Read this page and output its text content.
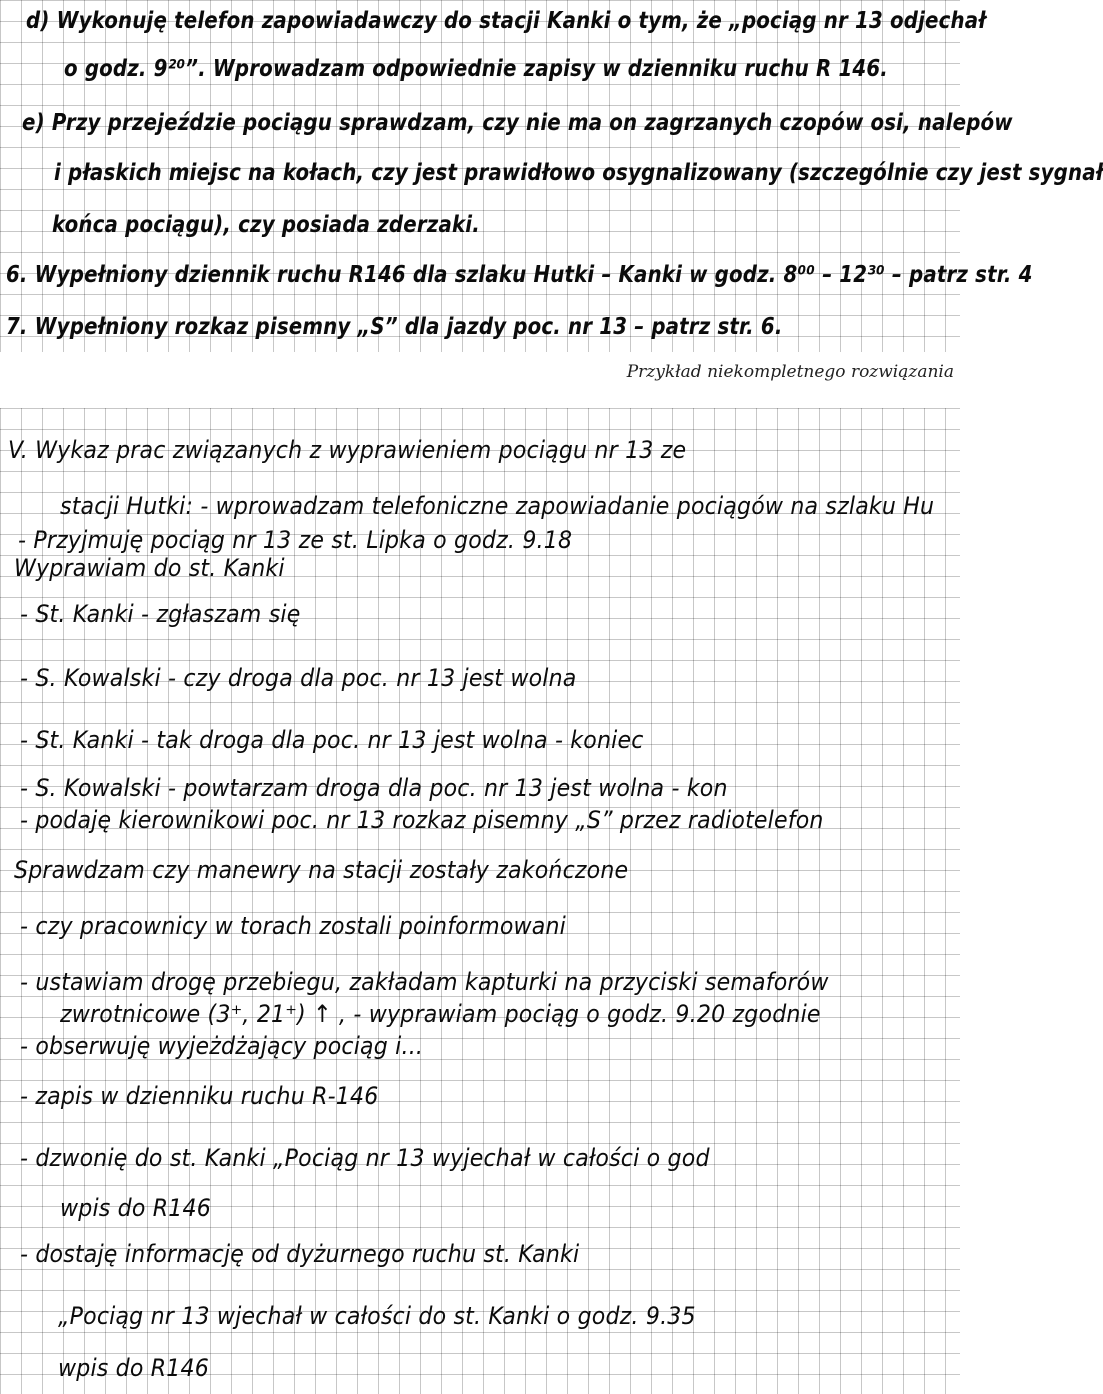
d) Wykonuję telefon zapowiadawczy do stacji Kanki o tym, że „pociąg nr 13 odjechał
o godz. 9²⁰”. Wprowadzam odpowiednie zapisy w dzienniku ruchu R 146.
e) Przy przejeździe pociągu sprawdzam, czy nie ma on zagrzanych czopów osi, nalepów
i płaskich miejsc na kołach, czy jest prawidłowo osygnalizowany (szczególnie czy jest sygnał
końca pociągu), czy posiada zderzaki.
6. Wypełniony dziennik ruchu R146 dla szlaku Hutki – Kanki w godz. 8⁰⁰ – 12³⁰ – patrz str. 4
7. Wypełniony rozkaz pisemny „S” dla jazdy poc. nr 13 – patrz str. 6.
Przykład niekompletnego rozwiązania
V. Wykaz prac związanych z wyprawieniem pociągu nr 13 ze
stacji Hutki: - wprowadzam telefoniczne zapowiadanie pociągów na szlaku Hu
- Przyjmuję pociąg nr 13 ze st. Lipka o godz. 9.18
Wyprawiam do st. Kanki
- St. Kanki - zgłaszam się
- S. Kowalski - czy droga dla poc. nr 13 jest wolna
- St. Kanki - tak droga dla poc. nr 13 jest wolna - koniec
- S. Kowalski - powtarzam droga dla poc. nr 13 jest wolna - kon
- podaję kierownikowi poc. nr 13 rozkaz pisemny „S” przez radiotelefon
Sprawdzam czy manewry na stacji zostały zakończone
- czy pracownicy w torach zostali poinformowani
- ustawiam drogę przebiegu, zakładam kapturki na przyciski semaforów
zwrotnicowe (3⁺, 21⁺) ↑ , - wyprawiam pociąg o godz. 9.20 zgodnie
- obserwuję wyjeżdżający pociąg i...
- zapis w dzienniku ruchu R-146
- dzwonię do st. Kanki „Pociąg nr 13 wyjechał w całości o god
wpis do R146
- dostaję informację od dyżurnego ruchu st. Kanki
„Pociąg nr 13 wjechał w całości do st. Kanki o godz. 9.35
wpis do R146
